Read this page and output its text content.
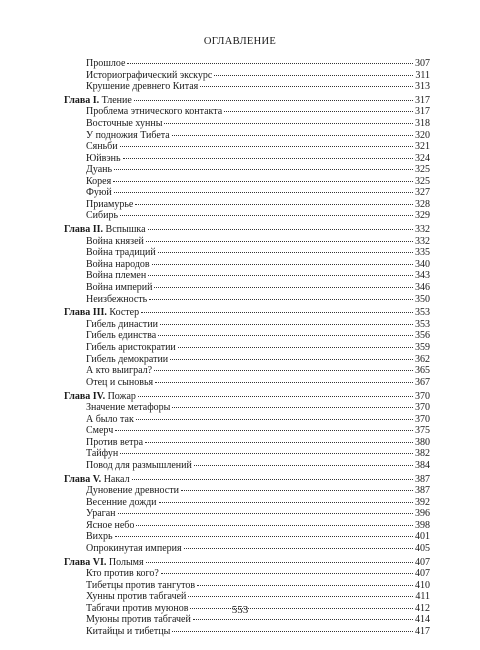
ОГЛАВЛЕНИЕ
Прошлое	307
Историографический экскурс	311
Крушение древнего Китая	313
Глава I. Тление	317
Проблема этнического контакта	317
Восточные хунны	318
У подножия Тибета	320
Сяньби	321
Юйвэнь	324
Дуань	325
Корея	325
Фуюй	327
Приамурье	328
Сибирь	329
Глава II. Вспышка	332
Война князей	332
Война традиций	335
Война народов	340
Война племен	343
Война империй	346
Неизбежность	350
Глава III. Костер	353
Гибель династии	353
Гибель единства	356
Гибель аристократии	359
Гибель демократии	362
А кто выиграл?	365
Отец и сыновья	367
Глава IV. Пожар	370
Значение метафоры	370
А было так	370
Смерч	375
Против ветра	380
Тайфун	382
Повод для размышлений	384
Глава V. Накал	387
Дуновение древности	387
Весенние дожди	392
Ураган	396
Ясное небо	398
Вихрь	401
Опрокинутая империя	405
Глава VI. Полымя	407
Кто против кого?	407
Тибетцы против тангутов	410
Хунны против табгачей	411
Табгачи против муюнов	412
Муюны против табгачей	414
Китайцы и тибетцы	417
553
